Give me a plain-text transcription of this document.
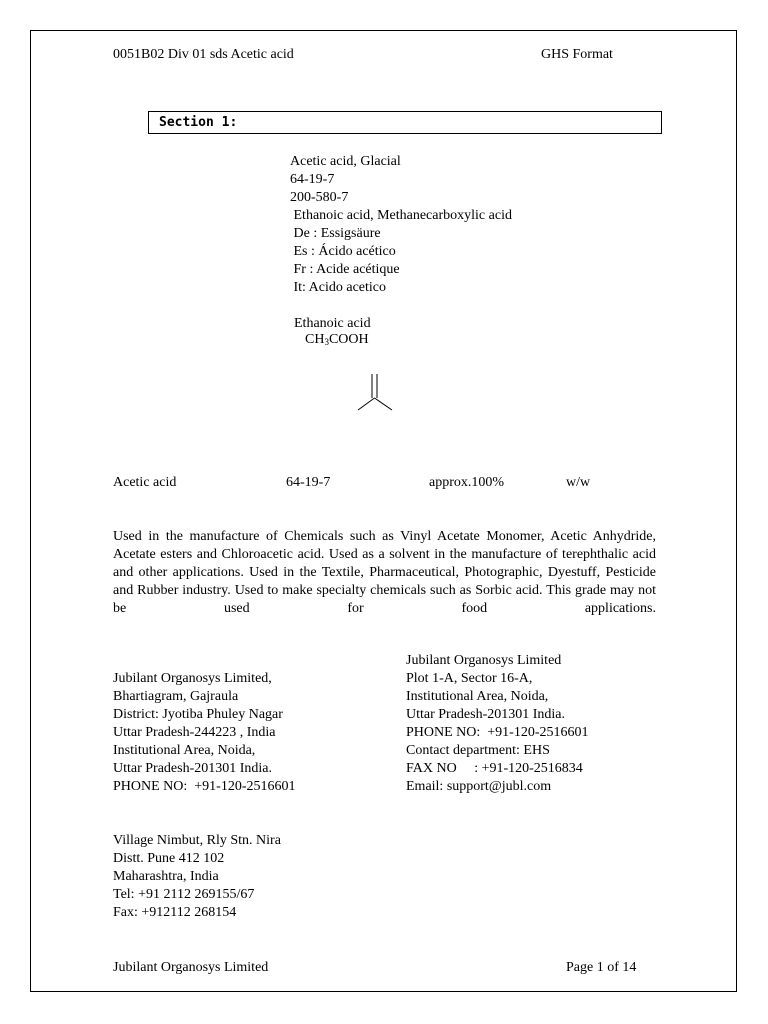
0051B02 Div 01 sds Acetic acid	GHS Format
Section 1:
Acetic acid, Glacial
64-19-7
200-580-7
Ethanoic acid, Methanecarboxylic acid
De : Essigsäure
Es : Ácido acético
Fr : Acide acétique
It: Acido acetico
Ethanoic acid
$CH_3COOH$
Acetic acid	64-19-7	approx.100%	w/w
Used in the manufacture of Chemicals such as Vinyl Acetate Monomer, Acetic Anhydride, Acetate esters and Chloroacetic acid. Used as a solvent in the manufacture of terephthalic acid and other applications. Used in the Textile, Pharmaceutical, Photographic, Dyestuff, Pesticide and Rubber industry. Used to make specialty chemicals such as Sorbic acid. This grade may not be used for food applications.
Jubilant Organosys Limited,
Bhartiagram, Gajraula
District: Jyotiba Phuley Nagar
Uttar Pradesh-244223 , India
Institutional Area, Noida,
Uttar Pradesh-201301 India.
PHONE NO:  +91-120-2516601
Jubilant Organosys Limited
Plot 1-A, Sector 16-A,
Institutional Area, Noida,
Uttar Pradesh-201301 India.
PHONE NO:  +91-120-2516601
Contact department: EHS
FAX NO     : +91-120-2516834
Email: support@jubl.com
Village Nimbut, Rly Stn. Nira
Distt. Pune 412 102
Maharashtra, India
Tel: +91 2112 269155/67
Fax: +912112 268154
Jubilant Organosys Limited	Page 1 of 14
